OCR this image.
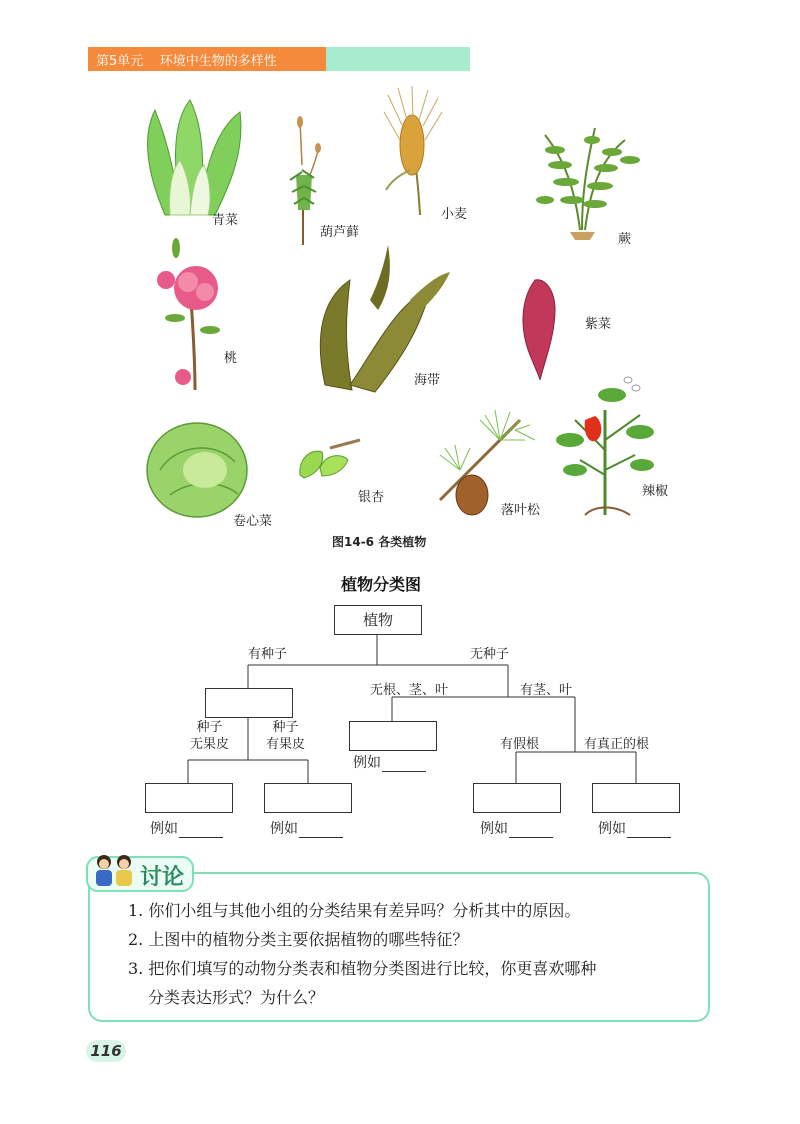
第5单元    环境中生物的多样性
青菜
葫芦藓
小麦
蕨
桃
海带
紫菜
卷心菜
银杏
落叶松
辣椒
图14-6 各类植物
植物分类图
植物
有种子	无种子
无根、茎、叶	有茎、叶
种子
无果皮
种子
有果皮
例如
有假根	有真正的根
例如	例如	例如	例如
讨论
1. 你们小组与其他小组的分类结果有差异吗？分析其中的原因。
2. 上图中的植物分类主要依据植物的哪些特征？
3. 把你们填写的动物分类表和植物分类图进行比较，你更喜欢哪种
分类表达形式？为什么？
116
